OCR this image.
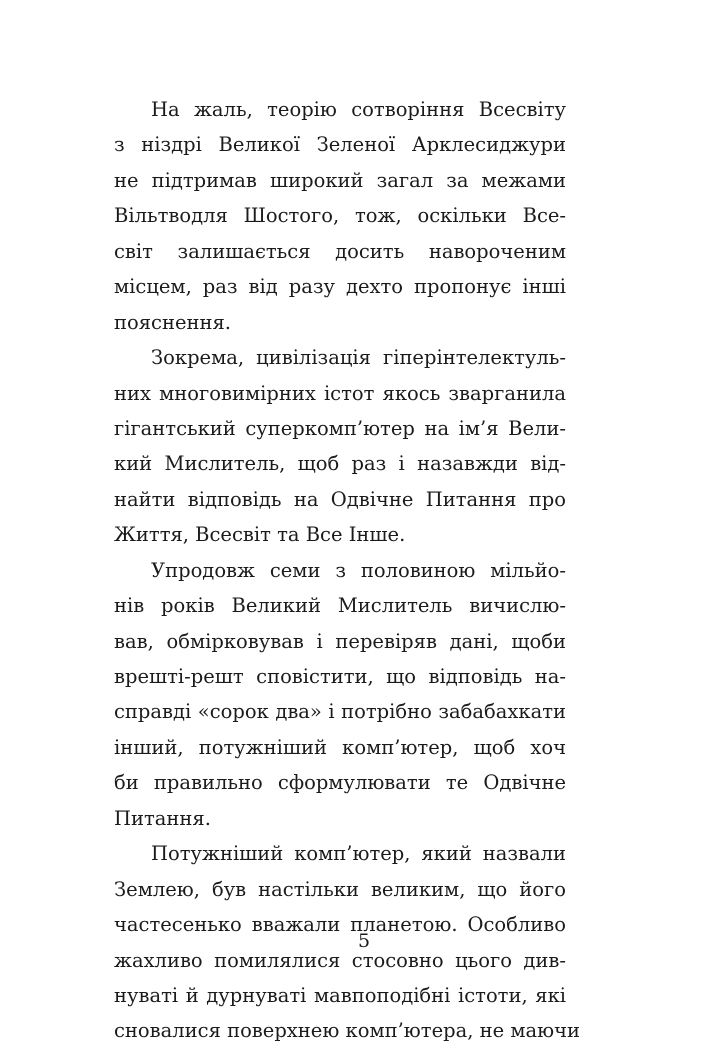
На жаль, теорію сотворіння Всесвіту
з ніздрі Великої Зеленої Арклесиджури
не підтримав широкий загал за межами
Вільтводля Шостого, тож, оскільки Все-
світ залишається досить навороченим
місцем, раз від разу дехто пропонує інші
пояснення.
Зокрема, цивілізація гіперінтелектуль-
них многовимірних істот якось зварганила
гігантський суперкомп’ютер на ім’я Вели-
кий Мислитель, щоб раз і назавжди від-
найти відповідь на Одвічне Питання про
Життя, Всесвіт та Все Інше.
Упродовж семи з половиною мільйо-
нів років Великий Мислитель вичислю-
вав, обмірковував і перевіряв дані, щоби
врешті-решт сповістити, що відповідь на-
справді «сорок два» і потрібно забабахкати
інший, потужніший комп’ютер, щоб хоч
би правильно сформулювати те Одвічне
Питання.
Потужніший комп’ютер, який назвали
Землею, був настільки великим, що його
частесенько вважали планетою. Особливо
жахливо помилялися стосовно цього див-
нуваті й дурнуваті мавпоподібні істоти, які
сновалися поверхнею комп’ютера, не маючи
5
